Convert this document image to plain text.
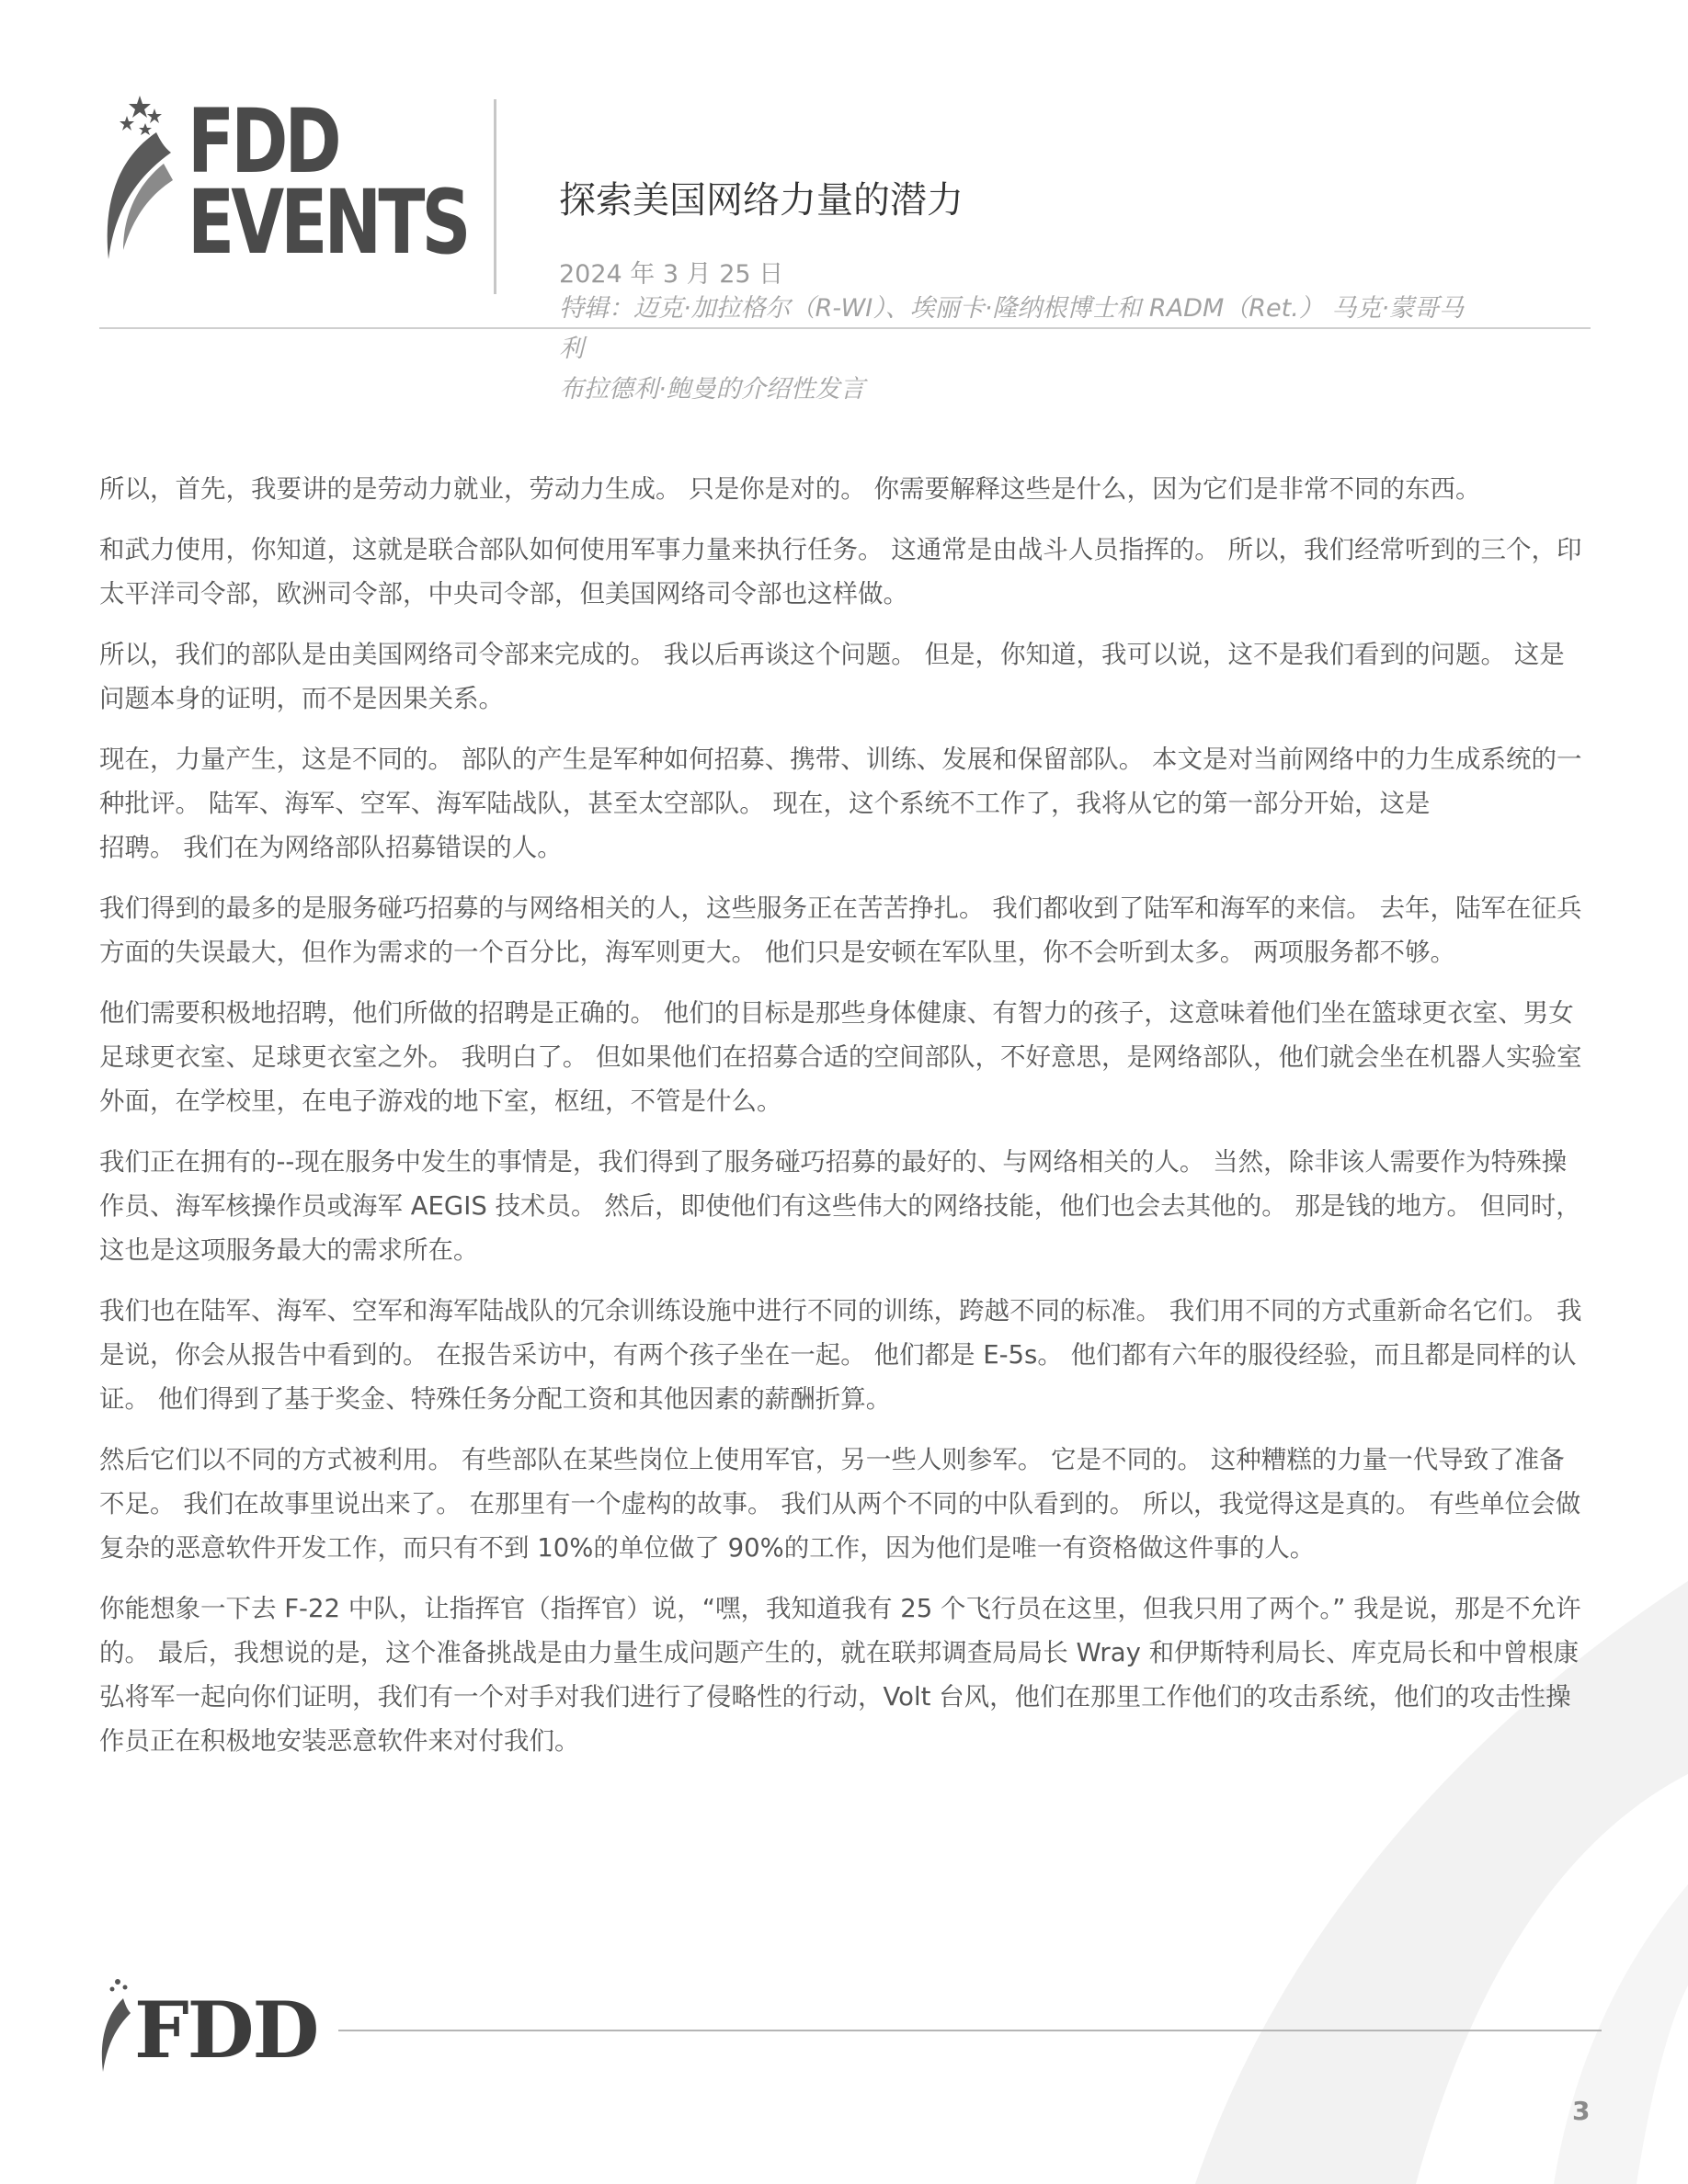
FDD
EVENTS 探索美国网络力量的潜力
2024 年 3 月 25 日
特辑：迈克·加拉格尔（R-WI）、埃丽卡·隆纳根博士和 RADM（Ret.） 马克·蒙哥马
利
布拉德利·鲍曼的介绍性发言

所以，首先，我要讲的是劳动力就业，劳动力生成。 只是你是对的。 你需要解释这些是什么，因为它们是非常不同的东西。

和武力使用，你知道，这就是联合部队如何使用军事力量来执行任务。 这通常是由战斗人员指挥的。 所以，我们经常听到的三个，印太平洋司令部，欧洲司令部，中央司令部，但美国网络司令部也这样做。

所以，我们的部队是由美国网络司令部来完成的。 我以后再谈这个问题。 但是，你知道，我可以说，这不是我们看到的问题。 这是问题本身的证明，而不是因果关系。

现在，力量产生，这是不同的。 部队的产生是军种如何招募、携带、训练、发展和保留部队。 本文是对当前网络中的力生成系统的一种批评。 陆军、海军、空军、海军陆战队，甚至太空部队。 现在，这个系统不工作了，我将从它的第一部分开始，这是

招聘。 我们在为网络部队招募错误的人。

我们得到的最多的是服务碰巧招募的与网络相关的人，这些服务正在苦苦挣扎。 我们都收到了陆军和海军的来信。 去年，陆军在征兵方面的失误最大，但作为需求的一个百分比，海军则更大。 他们只是安顿在军队里，你不会听到太多。 两项服务都不够。

他们需要积极地招聘，他们所做的招聘是正确的。 他们的目标是那些身体健康、有智力的孩子，这意味着他们坐在篮球更衣室、男女足球更衣室、足球更衣室之外。 我明白了。 但如果他们在招募合适的空间部队，不好意思，是网络部队，他们就会坐在机器人实验室外面，在学校里，在电子游戏的地下室，枢纽，不管是什么。

我们正在拥有的--现在服务中发生的事情是，我们得到了服务碰巧招募的最好的、与网络相关的人。 当然，除非该人需要作为特殊操作员、海军核操作员或海军 AEGIS 技术员。 然后，即使他们有这些伟大的网络技能，他们也会去其他的。 那是钱的地方。 但同时，这也是这项服务最大的需求所在。

我们也在陆军、海军、空军和海军陆战队的冗余训练设施中进行不同的训练，跨越不同的标准。 我们用不同的方式重新命名它们。 我是说，你会从报告中看到的。 在报告采访中，有两个孩子坐在一起。 他们都是 E-5s。 他们都有六年的服役经验，而且都是同样的认证。 他们得到了基于奖金、特殊任务分配工资和其他因素的薪酬折算。

然后它们以不同的方式被利用。 有些部队在某些岗位上使用军官，另一些人则参军。 它是不同的。 这种糟糕的力量一代导致了准备不足。 我们在故事里说出来了。 在那里有一个虚构的故事。 我们从两个不同的中队看到的。 所以，我觉得这是真的。 有些单位会做复杂的恶意软件开发工作，而只有不到 10%的单位做了 90%的工作，因为他们是唯一有资格做这件事的人。

你能想象一下去 F-22 中队，让指挥官（指挥官）说，“嘿，我知道我有 25 个飞行员在这里，但我只用了两个。” 我是说，那是不允许的。 最后，我想说的是，这个准备挑战是由力量生成问题产生的，就在联邦调查局局长 Wray 和伊斯特利局长、库克局长和中曾根康弘将军一起向你们证明，我们有一个对手对我们进行了侵略性的行动，Volt 台风，他们在那里工作他们的攻击系统，他们的攻击性操作员正在积极地安装恶意软件来对付我们。

FDD
3
